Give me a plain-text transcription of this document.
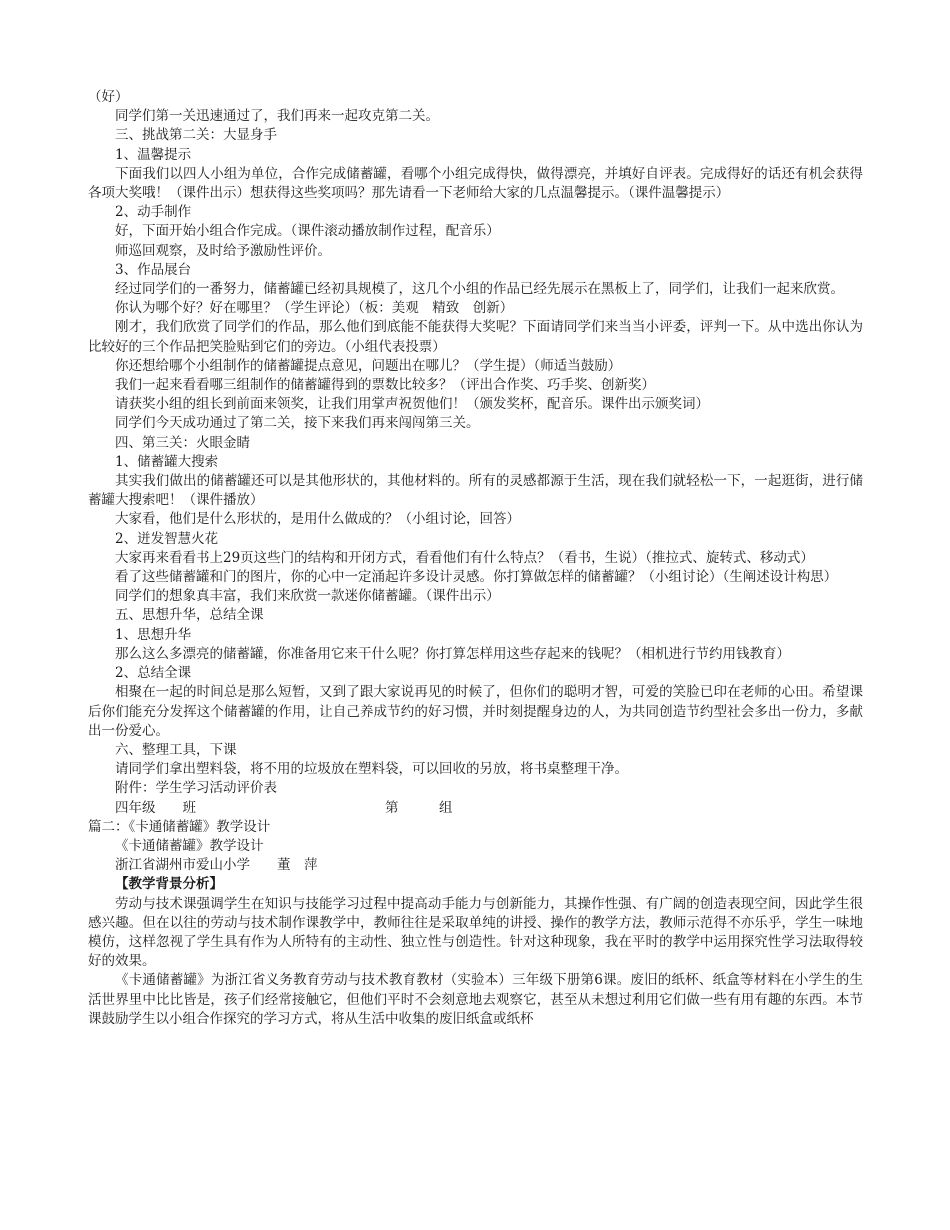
（好）

同学们第一关迅速通过了，我们再来一起攻克第二关。

三、挑战第二关：大显身手

1、温馨提示

下面我们以四人小组为单位，合作完成储蓄罐，看哪个小组完成得快，做得漂亮，并填好自评表。完成得好的话还有机会获得各项大奖哦！（课件出示）想获得这些奖项吗？那先请看一下老师给大家的几点温馨提示。（课件温馨提示）

2、动手制作

好，下面开始小组合作完成。（课件滚动播放制作过程，配音乐）

师巡回观察，及时给予激励性评价。

3、作品展台

经过同学们的一番努力，储蓄罐已经初具规模了，这几个小组的作品已经先展示在黑板上了，同学们，让我们一起来欣赏。

你认为哪个好？好在哪里？（学生评论）（板：美观　精致　创新）

刚才，我们欣赏了同学们的作品，那么他们到底能不能获得大奖呢？下面请同学们来当当小评委，评判一下。从中选出你认为比较好的三个作品把笑脸贴到它们的旁边。（小组代表投票）

你还想给哪个小组制作的储蓄罐提点意见，问题出在哪儿？（学生提）（师适当鼓励）

我们一起来看看哪三组制作的储蓄罐得到的票数比较多？（评出合作奖、巧手奖、创新奖）

请获奖小组的组长到前面来领奖，让我们用掌声祝贺他们！（颁发奖杯，配音乐。课件出示颁奖词）

同学们今天成功通过了第二关，接下来我们再来闯闯第三关。

四、第三关：火眼金睛

1、储蓄罐大搜索

其实我们做出的储蓄罐还可以是其他形状的，其他材料的。所有的灵感都源于生活，现在我们就轻松一下，一起逛街，进行储蓄罐大搜索吧！（课件播放）

大家看，他们是什么形状的，是用什么做成的？（小组讨论，回答）

2、迸发智慧火花

大家再来看看书上29页这些门的结构和开闭方式，看看他们有什么特点？（看书，生说）（推拉式、旋转式、移动式）

看了这些储蓄罐和门的图片，你的心中一定涌起许多设计灵感。你打算做怎样的储蓄罐？（小组讨论）（生阐述设计构思）

同学们的想象真丰富，我们来欣赏一款迷你储蓄罐。（课件出示）

五、思想升华，总结全课

1、思想升华

那么这么多漂亮的储蓄罐，你准备用它来干什么呢？你打算怎样用这些存起来的钱呢？（相机进行节约用钱教育）

2、总结全课

相聚在一起的时间总是那么短暂，又到了跟大家说再见的时候了，但你们的聪明才智，可爱的笑脸已印在老师的心田。希望课后你们能充分发挥这个储蓄罐的作用，让自己养成节约的好习惯，并时刻提醒身边的人，为共同创造节约型社会多出一份力，多献出一份爱心。

六、整理工具，下课

请同学们拿出塑料袋，将不用的垃圾放在塑料袋，可以回收的另放，将书桌整理干净。

附件：学生学习活动评价表

四年级　　班　　　　　　　　　　　　　　第　　　组

篇二：《卡通储蓄罐》教学设计

《卡通储蓄罐》教学设计

浙江省湖州市爱山小学　　董　萍

【教学背景分析】

劳动与技术课强调学生在知识与技能学习过程中提高动手能力与创新能力，其操作性强、有广阔的创造表现空间，因此学生很感兴趣。但在以往的劳动与技术制作课教学中，教师往往是采取单纯的讲授、操作的教学方法，教师示范得不亦乐乎，学生一味地模仿，这样忽视了学生具有作为人所特有的主动性、独立性与创造性。针对这种现象，我在平时的教学中运用探究性学习法取得较好的效果。

《卡通储蓄罐》为浙江省义务教育劳动与技术教育教材（实验本）三年级下册第6课。废旧的纸杯、纸盒等材料在小学生的生活世界里中比比皆是，孩子们经常接触它，但他们平时不会刻意地去观察它，甚至从未想过利用它们做一些有用有趣的东西。本节课鼓励学生以小组合作探究的学习方式，将从生活中收集的废旧纸盒或纸杯
